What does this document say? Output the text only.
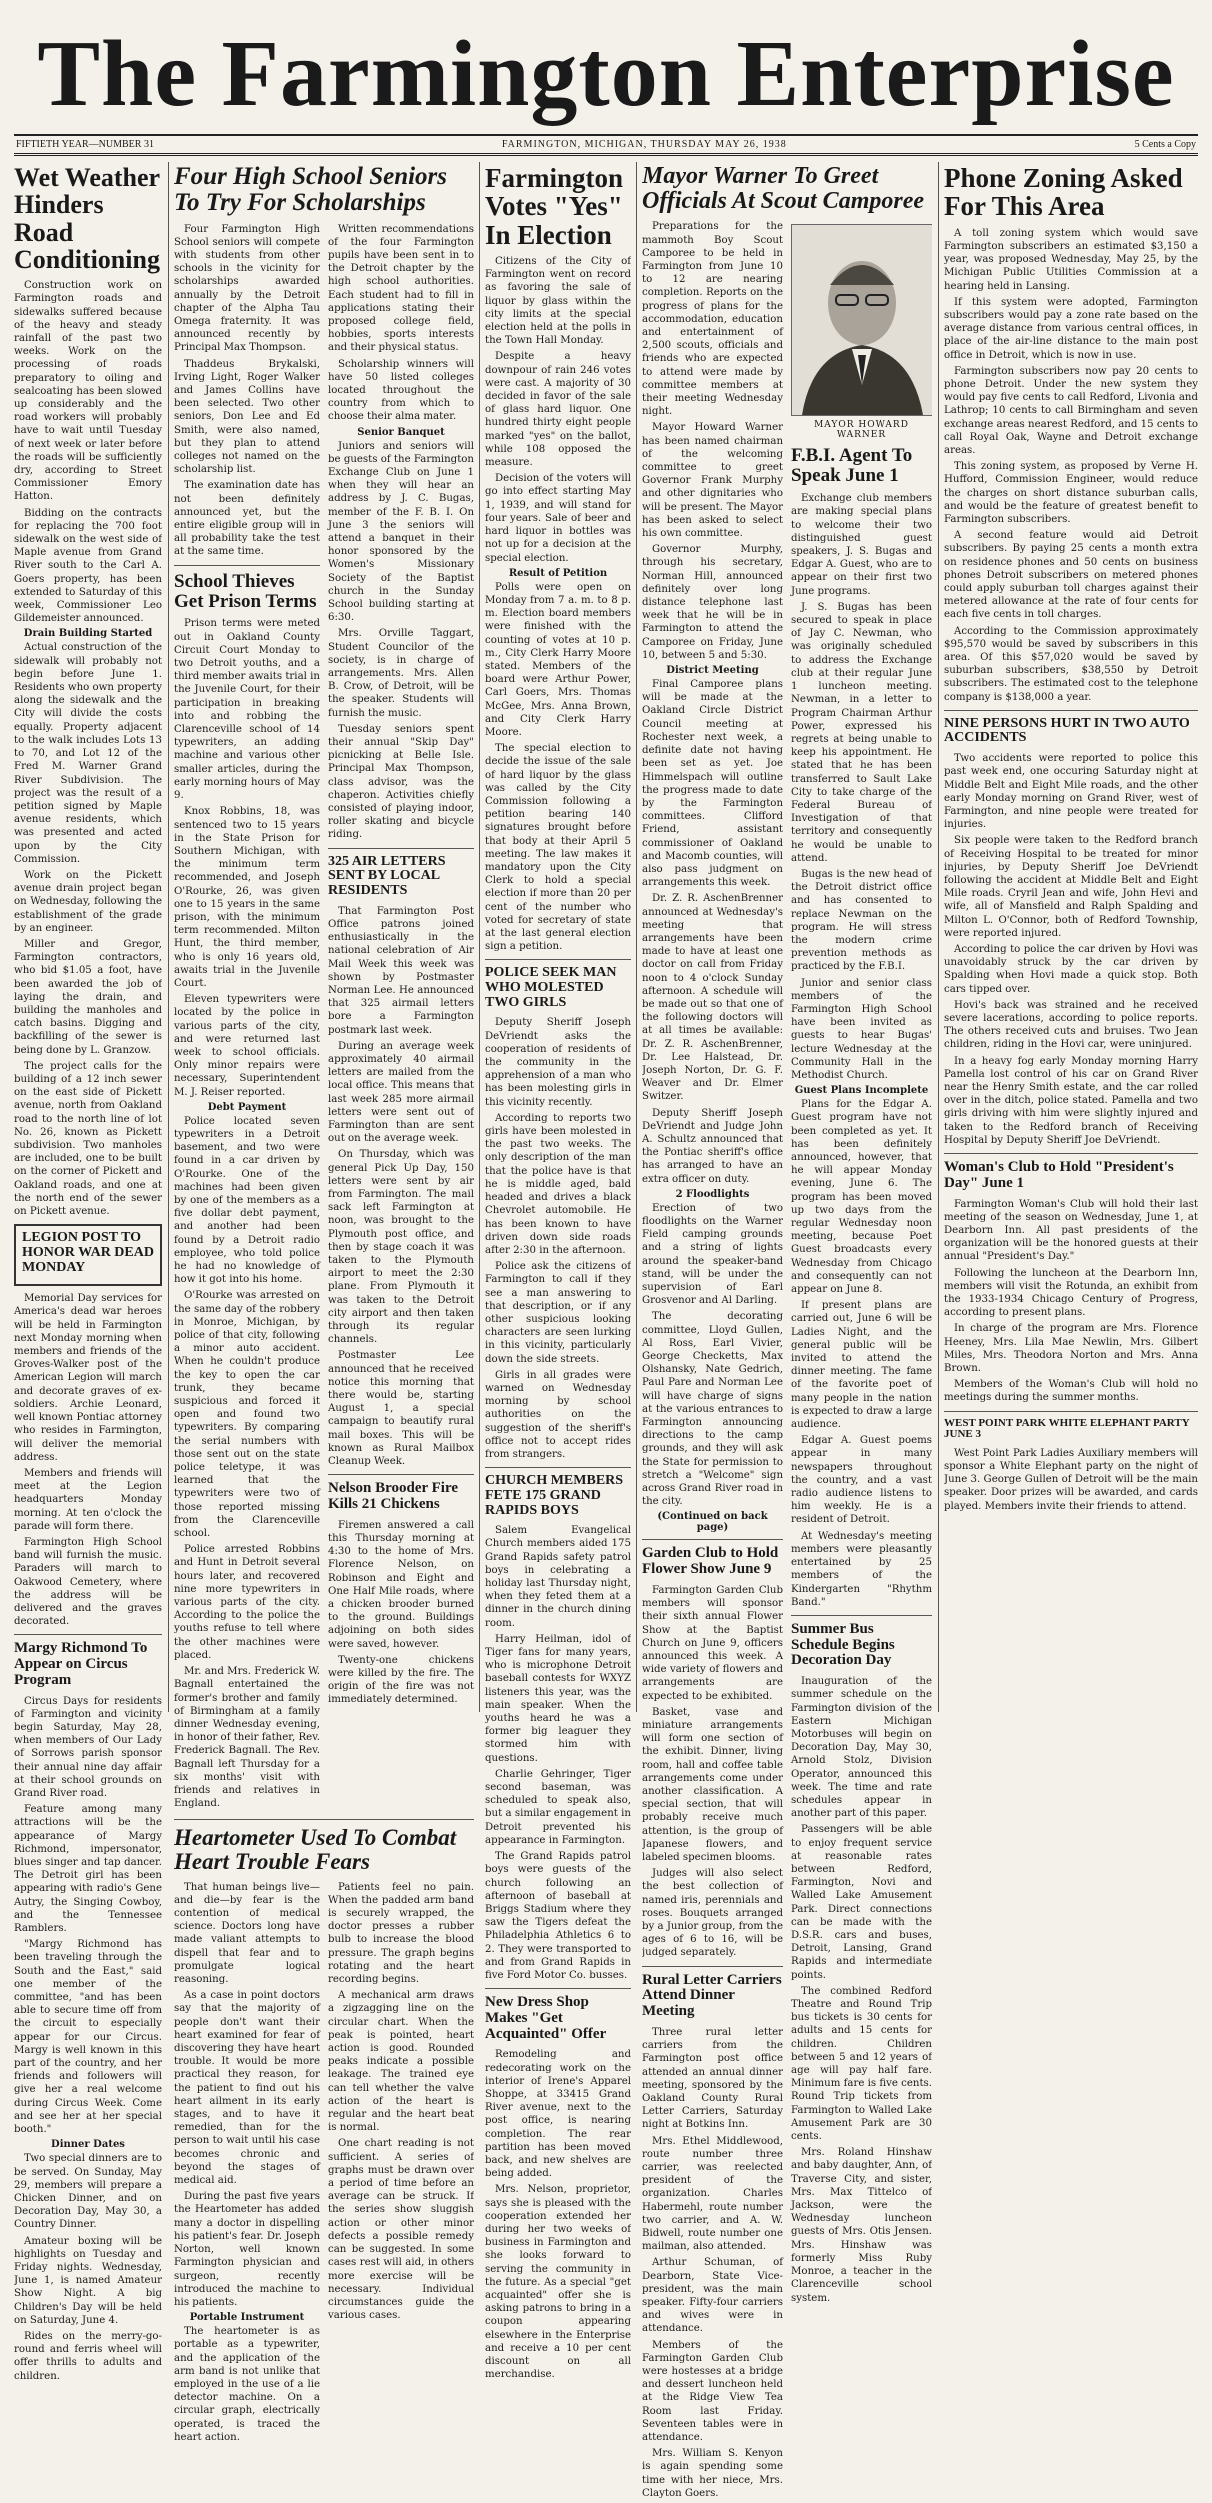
The Farmington Enterprise
FIFTIETH YEAR—NUMBER 31	FARMINGTON, MICHIGAN, THURSDAY MAY 26, 1938	5 Cents a Copy
Wet Weather Hinders Road Conditioning

Construction work on Farmington roads and sidewalks suffered because of the heavy and steady rainfall of the past two weeks. Work on the processing of roads preparatory to oiling and sealcoating has been slowed up considerably and the road workers will probably have to wait until Tuesday of next week or later before the roads will be sufficiently dry, according to Street Commissioner Emory Hatton.

Bidding on the contracts for replacing the 700 foot sidewalk on the west side of Maple avenue from Grand River south to the Carl A. Goers property, has been extended to Saturday of this week, Commissioner Leo Gildemeister announced.

Drain Building Started

Actual construction of the sidewalk will probably not begin before June 1. Residents who own property along the sidewalk and the City will divide the costs equally. Property adjacent to the walk includes Lots 13 to 70, and Lot 12 of the Fred M. Warner Grand River Subdivision. The project was the result of a petition signed by Maple avenue residents, which was presented and acted upon by the City Commission.

Work on the Pickett avenue drain project began on Wednesday, following the establishment of the grade by an engineer.

Miller and Gregor, Farmington contractors, who bid $1.05 a foot, have been awarded the job of laying the drain, and building the manholes and catch basins. Digging and backfilling of the sewer is being done by L. Granzow.

The project calls for the building of a 12 inch sewer on the east side of Pickett avenue, north from Oakland road to the north line of lot No. 26, known as Pickett subdivision. Two manholes are included, one to be built on the corner of Pickett and Oakland roads, and one at the north end of the sewer on Pickett avenue.

LEGION POST TO HONOR WAR DEAD MONDAY

Memorial Day services for America's dead war heroes will be held in Farmington next Monday morning when members and friends of the Groves-Walker post of the American Legion will march and decorate graves of ex-soldiers. Archie Leonard, well known Pontiac attorney who resides in Farmington, will deliver the memorial address.

Members and friends will meet at the Legion headquarters Monday morning. At ten o'clock the parade will form there.

Farmington High School band will furnish the music. Paraders will march to Oakwood Cemetery, where the address will be delivered and the graves decorated.

Margy Richmond To Appear on Circus Program

Circus Days for residents of Farmington and vicinity begin Saturday, May 28, when members of Our Lady of Sorrows parish sponsor their annual nine day affair at their school grounds on Grand River road.

Feature among many attractions will be the appearance of Margy Richmond, impersonator, blues singer and tap dancer. The Detroit girl has been appearing with radio's Gene Autry, the Singing Cowboy, and the Tennessee Ramblers.

"Margy Richmond has been traveling through the South and the East," said one member of the committee, "and has been able to secure time off from the circuit to especially appear for our Circus. Margy is well known in this part of the country, and her friends and followers will give her a real welcome during Circus Week. Come and see her at her special booth."

Dinner Dates

Two special dinners are to be served. On Sunday, May 29, members will prepare a Chicken Dinner, and on Decoration Day, May 30, a Country Dinner.

Amateur boxing will be highlights on Tuesday and Friday nights. Wednesday, June 1, is named Amateur Show Night. A big Children's Day will be held on Saturday, June 4.

Rides on the merry-go-round and ferris wheel will offer thrills to adults and children.

Four High School Seniors To Try For Scholarships

Four Farmington High School seniors will compete with students from other schools in the vicinity for scholarships awarded annually by the Detroit chapter of the Alpha Tau Omega fraternity. It was announced recently by Principal Max Thompson.

Thaddeus Brykalski, Irving Light, Roger Walker and James Collins have been selected. Two other seniors, Don Lee and Ed Smith, were also named, but they plan to attend colleges not named on the scholarship list.

The examination date has not been definitely announced yet, but the entire eligible group will in all probability take the test at the same time.

School Thieves Get Prison Terms

Prison terms were meted out in Oakland County Circuit Court Monday to two Detroit youths, and a third member awaits trial in the Juvenile Court, for their participation in breaking into and robbing the Clarenceville school of 14 typewriters, an adding machine and various other smaller articles, during the early morning hours of May 9.

Knox Robbins, 18, was sentenced two to 15 years in the State Prison for Southern Michigan, with the minimum term recommended, and Joseph O'Rourke, 26, was given one to 15 years in the same prison, with the minimum term recommended. Milton Hunt, the third member, who is only 16 years old, awaits trial in the Juvenile Court.

Eleven typewriters were located by the police in various parts of the city, and were returned last week to school officials. Only minor repairs were necessary, Superintendent M. J. Reiser reported.

Debt Payment

Police located seven typewriters in a Detroit basement, and two were found in a car driven by O'Rourke. One of the machines had been given by one of the members as a five dollar debt payment, and another had been found by a Detroit radio employee, who told police he had no knowledge of how it got into his home.

O'Rourke was arrested on the same day of the robbery in Monroe, Michigan, by police of that city, following a minor auto accident. When he couldn't produce the key to open the car trunk, they became suspicious and forced it open and found two typewriters. By comparing the serial numbers with those sent out on the state police teletype, it was learned that the typewriters were two of those reported missing from the Clarenceville school.

Police arrested Robbins and Hunt in Detroit several hours later, and recovered nine more typewriters in various parts of the city. According to the police the youths refuse to tell where the other machines were placed.

Mr. and Mrs. Frederick W. Bagnall entertained the former's brother and family of Birmingham at a family dinner Wednesday evening, in honor of their father, Rev. Frederick Bagnall. The Rev. Bagnall left Thursday for a six months' visit with friends and relatives in England.

Written recommendations of the four Farmington pupils have been sent in to the Detroit chapter by the high school authorities. Each student had to fill in applications stating their proposed college field, hobbies, sports interests and their physical status.

Scholarship winners will have 50 listed colleges located throughout the country from which to choose their alma mater.

Senior Banquet

Juniors and seniors will be guests of the Farmington Exchange Club on June 1 when they will hear an address by J. C. Bugas, member of the F. B. I. On June 3 the seniors will attend a banquet in their honor sponsored by the Women's Missionary Society of the Baptist church in the Sunday School building starting at 6:30.

Mrs. Orville Taggart, Student Councilor of the society, is in charge of arrangements. Mrs. Allen B. Crow, of Detroit, will be the speaker. Students will furnish the music.

Tuesday seniors spent their annual "Skip Day" picnicking at Belle Isle. Principal Max Thompson, class advisor, was the chaperon. Activities chiefly consisted of playing indoor, roller skating and bicycle riding.

325 AIR LETTERS SENT BY LOCAL RESIDENTS

That Farmington Post Office patrons joined enthusiastically in the national celebration of Air Mail Week this week was shown by Postmaster Norman Lee. He announced that 325 airmail letters bore a Farmington postmark last week.

During an average week approximately 40 airmail letters are mailed from the local office. This means that last week 285 more airmail letters were sent out of Farmington than are sent out on the average week.

On Thursday, which was general Pick Up Day, 150 letters were sent by air from Farmington. The mail sack left Farmington at noon, was brought to the Plymouth post office, and then by stage coach it was taken to the Plymouth airport to meet the 2:30 plane. From Plymouth it was taken to the Detroit city airport and then taken through its regular channels.

Postmaster Lee announced that he received notice this morning that there would be, starting August 1, a special campaign to beautify rural mail boxes. This will be known as Rural Mailbox Cleanup Week.

Nelson Brooder Fire Kills 21 Chickens

Firemen answered a call this Thursday morning at 4:30 to the home of Mrs. Florence Nelson, on Robinson and Eight and One Half Mile roads, where a chicken brooder burned to the ground. Buildings adjoining on both sides were saved, however.

Twenty-one chickens were killed by the fire. The origin of the fire was not immediately determined.

Heartometer Used To Combat Heart Trouble Fears

That human beings live—and die—by fear is the contention of medical science. Doctors long have made valiant attempts to dispell that fear and to promulgate logical reasoning.

As a case in point doctors say that the majority of people don't want their heart examined for fear of discovering they have heart trouble. It would be more practical they reason, for the patient to find out his heart ailment in its early stages, and to have it remedied, than for the person to wait until his case becomes chronic and beyond the stages of medical aid.

During the past five years the Heartometer has added many a doctor in dispelling his patient's fear. Dr. Joseph Norton, well known Farmington physician and surgeon, recently introduced the machine to his patients.

Portable Instrument

The heartometer is as portable as a typewriter, and the application of the arm band is not unlike that employed in the use of a lie detector machine. On a circular graph, electrically operated, is traced the heart action.

Patients feel no pain. When the padded arm band is securely wrapped, the doctor presses a rubber bulb to increase the blood pressure. The graph begins rotating and the heart recording begins.

A mechanical arm draws a zigzagging line on the circular chart. When the peak is pointed, heart action is good. Rounded peaks indicate a possible leakage. The trained eye can tell whether the valve action of the heart is regular and the heart beat is normal.

One chart reading is not sufficient. A series of graphs must be drawn over a period of time before an average can be struck. If the series show sluggish action or other minor defects a possible remedy can be suggested. In some cases rest will aid, in others more exercise will be necessary. Individual circumstances guide the various cases.

Farmington Votes "Yes" In Election

Citizens of the City of Farmington went on record as favoring the sale of liquor by glass within the city limits at the special election held at the polls in the Town Hall Monday.

Despite a heavy downpour of rain 246 votes were cast. A majority of 30 decided in favor of the sale of glass hard liquor. One hundred thirty eight people marked "yes" on the ballot, while 108 opposed the measure.

Decision of the voters will go into effect starting May 1, 1939, and will stand for four years. Sale of beer and hard liquor in bottles was not up for a decision at the special election.

Result of Petition

Polls were open on Monday from 7 a. m. to 8 p. m. Election board members were finished with the counting of votes at 10 p. m., City Clerk Harry Moore stated. Members of the board were Arthur Power, Carl Goers, Mrs. Thomas McGee, Mrs. Anna Brown, and City Clerk Harry Moore.

The special election to decide the issue of the sale of hard liquor by the glass was called by the City Commission following a petition bearing 140 signatures brought before that body at their April 5 meeting. The law makes it mandatory upon the City Clerk to hold a special election if more than 20 per cent of the number who voted for secretary of state at the last general election sign a petition.

POLICE SEEK MAN WHO MOLESTED TWO GIRLS

Deputy Sheriff Joseph DeVriendt asks the cooperation of residents of the community in the apprehension of a man who has been molesting girls in this vicinity recently.

According to reports two girls have been molested in the past two weeks. The only description of the man that the police have is that he is middle aged, bald headed and drives a black Chevrolet automobile. He has been known to have driven down side roads after 2:30 in the afternoon.

Police ask the citizens of Farmington to call if they see a man answering to that description, or if any other suspicious looking characters are seen lurking in this vicinity, particularly down the side streets.

Girls in all grades were warned on Wednesday morning by school authorities on the suggestion of the sheriff's office not to accept rides from strangers.

CHURCH MEMBERS FETE 175 GRAND RAPIDS BOYS

Salem Evangelical Church members aided 175 Grand Rapids safety patrol boys in celebrating a holiday last Thursday night, when they feted them at a dinner in the church dining room.

Harry Heilman, idol of Tiger fans for many years, who is microphone Detroit baseball contests for WXYZ listeners this year, was the main speaker. When the youths heard he was a former big leaguer they stormed him with questions.

Charlie Gehringer, Tiger second baseman, was scheduled to speak also, but a similar engagement in Detroit prevented his appearance in Farmington.

The Grand Rapids patrol boys were guests of the church following an afternoon of baseball at Briggs Stadium where they saw the Tigers defeat the Philadelphia Athletics 6 to 2. They were transported to and from Grand Rapids in five Ford Motor Co. busses.

New Dress Shop Makes "Get Acquainted" Offer

Remodeling and redecorating work on the interior of Irene's Apparel Shoppe, at 33415 Grand River avenue, next to the post office, is nearing completion. The rear partition has been moved back, and new shelves are being added.

Mrs. Nelson, proprietor, says she is pleased with the cooperation extended her during her two weeks of business in Farmington and she looks forward to serving the community in the future. As a special "get acquainted" offer she is asking patrons to bring in a coupon appearing elsewhere in the Enterprise and receive a 10 per cent discount on all merchandise.

Mayor Warner To Greet Officials At Scout Camporee

Preparations for the mammoth Boy Scout Camporee to be held in Farmington from June 10 to 12 are nearing completion. Reports on the progress of plans for the accommodation, education and entertainment of 2,500 scouts, officials and friends who are expected to attend were made by committee members at their meeting Wednesday night.

Mayor Howard Warner has been named chairman of the welcoming committee to greet Governor Frank Murphy and other dignitaries who will be present. The Mayor has been asked to select his own committee.

Governor Murphy, through his secretary, Norman Hill, announced definitely over long distance telephone last week that he will be in Farmington to attend the Camporee on Friday, June 10, between 5 and 5:30.

District Meeting

Final Camporee plans will be made at the Oakland Circle District Council meeting at Rochester next week, a definite date not having been set as yet. Joe Himmelspach will outline the progress made to date by the Farmington committees. Clifford Friend, assistant commissioner of Oakland and Macomb counties, will also pass judgment on arrangements this week.

Dr. Z. R. AschenBrenner announced at Wednesday's meeting that arrangements have been made to have at least one doctor on call from Friday noon to 4 o'clock Sunday afternoon. A schedule will be made out so that one of the following doctors will at all times be available: Dr. Z. R. AschenBrenner, Dr. Lee Halstead, Dr. Joseph Norton, Dr. G. F. Weaver and Dr. Elmer Switzer.

Deputy Sheriff Joseph DeVriendt and Judge John A. Schultz announced that the Pontiac sheriff's office has arranged to have an extra officer on duty.

2 Floodlights

Erection of two floodlights on the Warner Field camping grounds and a string of lights around the speaker-band stand, will be under the supervision of Earl Grosvenor and Al Darling.

The decorating committee, Lloyd Gullen, Al Ross, Earl Vivier, George Checketts, Max Olshansky, Nate Gedrich, Paul Pare and Norman Lee will have charge of signs at the various entrances to Farmington announcing directions to the camp grounds, and they will ask the State for permission to stretch a "Welcome" sign across Grand River road in the city.

(Continued on back page)
Garden Club to Hold Flower Show June 9

Farmington Garden Club members will sponsor their sixth annual Flower Show at the Baptist Church on June 9, officers announced this week. A wide variety of flowers and arrangements are expected to be exhibited.

Basket, vase and miniature arrangements will form one section of the exhibit. Dinner, living room, hall and coffee table arrangements come under another classification. A special section, that will probably receive much attention, is the group of Japanese flowers, and labeled specimen blooms.

Judges will also select the best collection of named iris, perennials and roses. Bouquets arranged by a Junior group, from the ages of 6 to 16, will be judged separately.

Rural Letter Carriers Attend Dinner Meeting

Three rural letter carriers from the Farmington post office attended an annual dinner meeting, sponsored by the Oakland County Rural Letter Carriers, Saturday night at Botkins Inn.

Mrs. Ethel Middlewood, route number three carrier, was reelected president of the organization. Charles Habermehl, route number two carrier, and A. W. Bidwell, route number one mailman, also attended.

Arthur Schuman, of Dearborn, State Vice-president, was the main speaker. Fifty-four carriers and wives were in attendance.

Members of the Farmington Garden Club were hostesses at a bridge and dessert luncheon held at the Ridge View Tea Room last Friday. Seventeen tables were in attendance.

Mrs. William S. Kenyon is again spending some time with her niece, Mrs. Clayton Goers.

MAYOR HOWARD WARNER
F.B.I. Agent To Speak June 1

Exchange club members are making special plans to welcome their two distinguished guest speakers, J. S. Bugas and Edgar A. Guest, who are to appear on their first two June programs.

J. S. Bugas has been secured to speak in place of Jay C. Newman, who was originally scheduled to address the Exchange club at their regular June 1 luncheon meeting. Newman, in a letter to Program Chairman Arthur Power, expressed his regrets at being unable to keep his appointment. He stated that he has been transferred to Sault Lake City to take charge of the Federal Bureau of Investigation of that territory and consequently he would be unable to attend.

Bugas is the new head of the Detroit district office and has consented to replace Newman on the program. He will stress the modern crime prevention methods as practiced by the F.B.I.

Junior and senior class members of the Farmington High School have been invited as guests to hear Bugas' lecture Wednesday at the Community Hall in the Methodist Church.

Guest Plans Incomplete

Plans for the Edgar A. Guest program have not been completed as yet. It has been definitely announced, however, that he will appear Monday evening, June 6. The program has been moved up two days from the regular Wednesday noon meeting, because Poet Guest broadcasts every Wednesday from Chicago and consequently can not appear on June 8.

If present plans are carried out, June 6 will be Ladies Night, and the general public will be invited to attend the dinner meeting. The fame of the favorite poet of many people in the nation is expected to draw a large audience.

Edgar A. Guest poems appear in many newspapers throughout the country, and a vast radio audience listens to him weekly. He is a resident of Detroit.

At Wednesday's meeting members were pleasantly entertained by 25 members of the Kindergarten "Rhythm Band."

Summer Bus Schedule Begins Decoration Day

Inauguration of the summer schedule on the Farmington division of the Eastern Michigan Motorbuses will begin on Decoration Day, May 30, Arnold Stolz, Division Operator, announced this week. The time and rate schedules appear in another part of this paper.

Passengers will be able to enjoy frequent service at reasonable rates between Redford, Farmington, Novi and Walled Lake Amusement Park. Direct connections can be made with the D.S.R. cars and buses, Detroit, Lansing, Grand Rapids and intermediate points.

The combined Redford Theatre and Round Trip bus tickets is 30 cents for adults and 15 cents for children. Children between 5 and 12 years of age will pay half fare. Minimum fare is five cents. Round Trip tickets from Farmington to Walled Lake Amusement Park are 30 cents.

Mrs. Roland Hinshaw and baby daughter, Ann, of Traverse City, and sister, Mrs. Max Tittelco of Jackson, were the Wednesday luncheon guests of Mrs. Otis Jensen. Mrs. Hinshaw was formerly Miss Ruby Monroe, a teacher in the Clarenceville school system.

Phone Zoning Asked For This Area

A toll zoning system which would save Farmington subscribers an estimated $3,150 a year, was proposed Wednesday, May 25, by the Michigan Public Utilities Commission at a hearing held in Lansing.

If this system were adopted, Farmington subscribers would pay a zone rate based on the average distance from various central offices, in place of the air-line distance to the main post office in Detroit, which is now in use.

Farmington subscribers now pay 20 cents to phone Detroit. Under the new system they would pay five cents to call Redford, Livonia and Lathrop; 10 cents to call Birmingham and seven exchange areas nearest Redford, and 15 cents to call Royal Oak, Wayne and Detroit exchange areas.

This zoning system, as proposed by Verne H. Hufford, Commission Engineer, would reduce the charges on short distance suburban calls, and would be the feature of greatest benefit to Farmington subscribers.

A second feature would aid Detroit subscribers. By paying 25 cents a month extra on residence phones and 50 cents on business phones Detroit subscribers on metered phones could apply suburban toll charges against their metered allowance at the rate of four cents for each five cents in toll charges.

According to the Commission approximately $95,570 would be saved by subscribers in this area. Of this $57,020 would be saved by suburban subscribers, $38,550 by Detroit subscribers. The estimated cost to the telephone company is $138,000 a year.

NINE PERSONS HURT IN TWO AUTO ACCIDENTS

Two accidents were reported to police this past week end, one occuring Saturday night at Middle Belt and Eight Mile roads, and the other early Monday morning on Grand River, west of Farmington, and nine people were treated for injuries.

Six people were taken to the Redford branch of Receiving Hospital to be treated for minor injuries, by Deputy Sheriff Joe DeVriendt following the accident at Middle Belt and Eight Mile roads. Cryril Jean and wife, John Hevi and wife, all of Mansfield and Ralph Spalding and Milton L. O'Connor, both of Redford Township, were reported injured.

According to police the car driven by Hovi was unavoidably struck by the car driven by Spalding when Hovi made a quick stop. Both cars tipped over.

Hovi's back was strained and he received severe lacerations, according to police reports. The others received cuts and bruises. Two Jean children, riding in the Hovi car, were uninjured.

In a heavy fog early Monday morning Harry Pamella lost control of his car on Grand River near the Henry Smith estate, and the car rolled over in the ditch, police stated. Pamella and two girls driving with him were slightly injured and taken to the Redford branch of Receiving Hospital by Deputy Sheriff Joe DeVriendt.

Woman's Club to Hold "President's Day" June 1

Farmington Woman's Club will hold their last meeting of the season on Wednesday, June 1, at Dearborn Inn. All past presidents of the organization will be the honored guests at their annual "President's Day."

Following the luncheon at the Dearborn Inn, members will visit the Rotunda, an exhibit from the 1933-1934 Chicago Century of Progress, according to present plans.

In charge of the program are Mrs. Florence Heeney, Mrs. Lila Mae Newlin, Mrs. Gilbert Miles, Mrs. Theodora Norton and Mrs. Anna Brown.

Members of the Woman's Club will hold no meetings during the summer months.

WEST POINT PARK WHITE ELEPHANT PARTY JUNE 3

West Point Park Ladies Auxiliary members will sponsor a White Elephant party on the night of June 3. George Gullen of Detroit will be the main speaker. Door prizes will be awarded, and cards played. Members invite their friends to attend.
